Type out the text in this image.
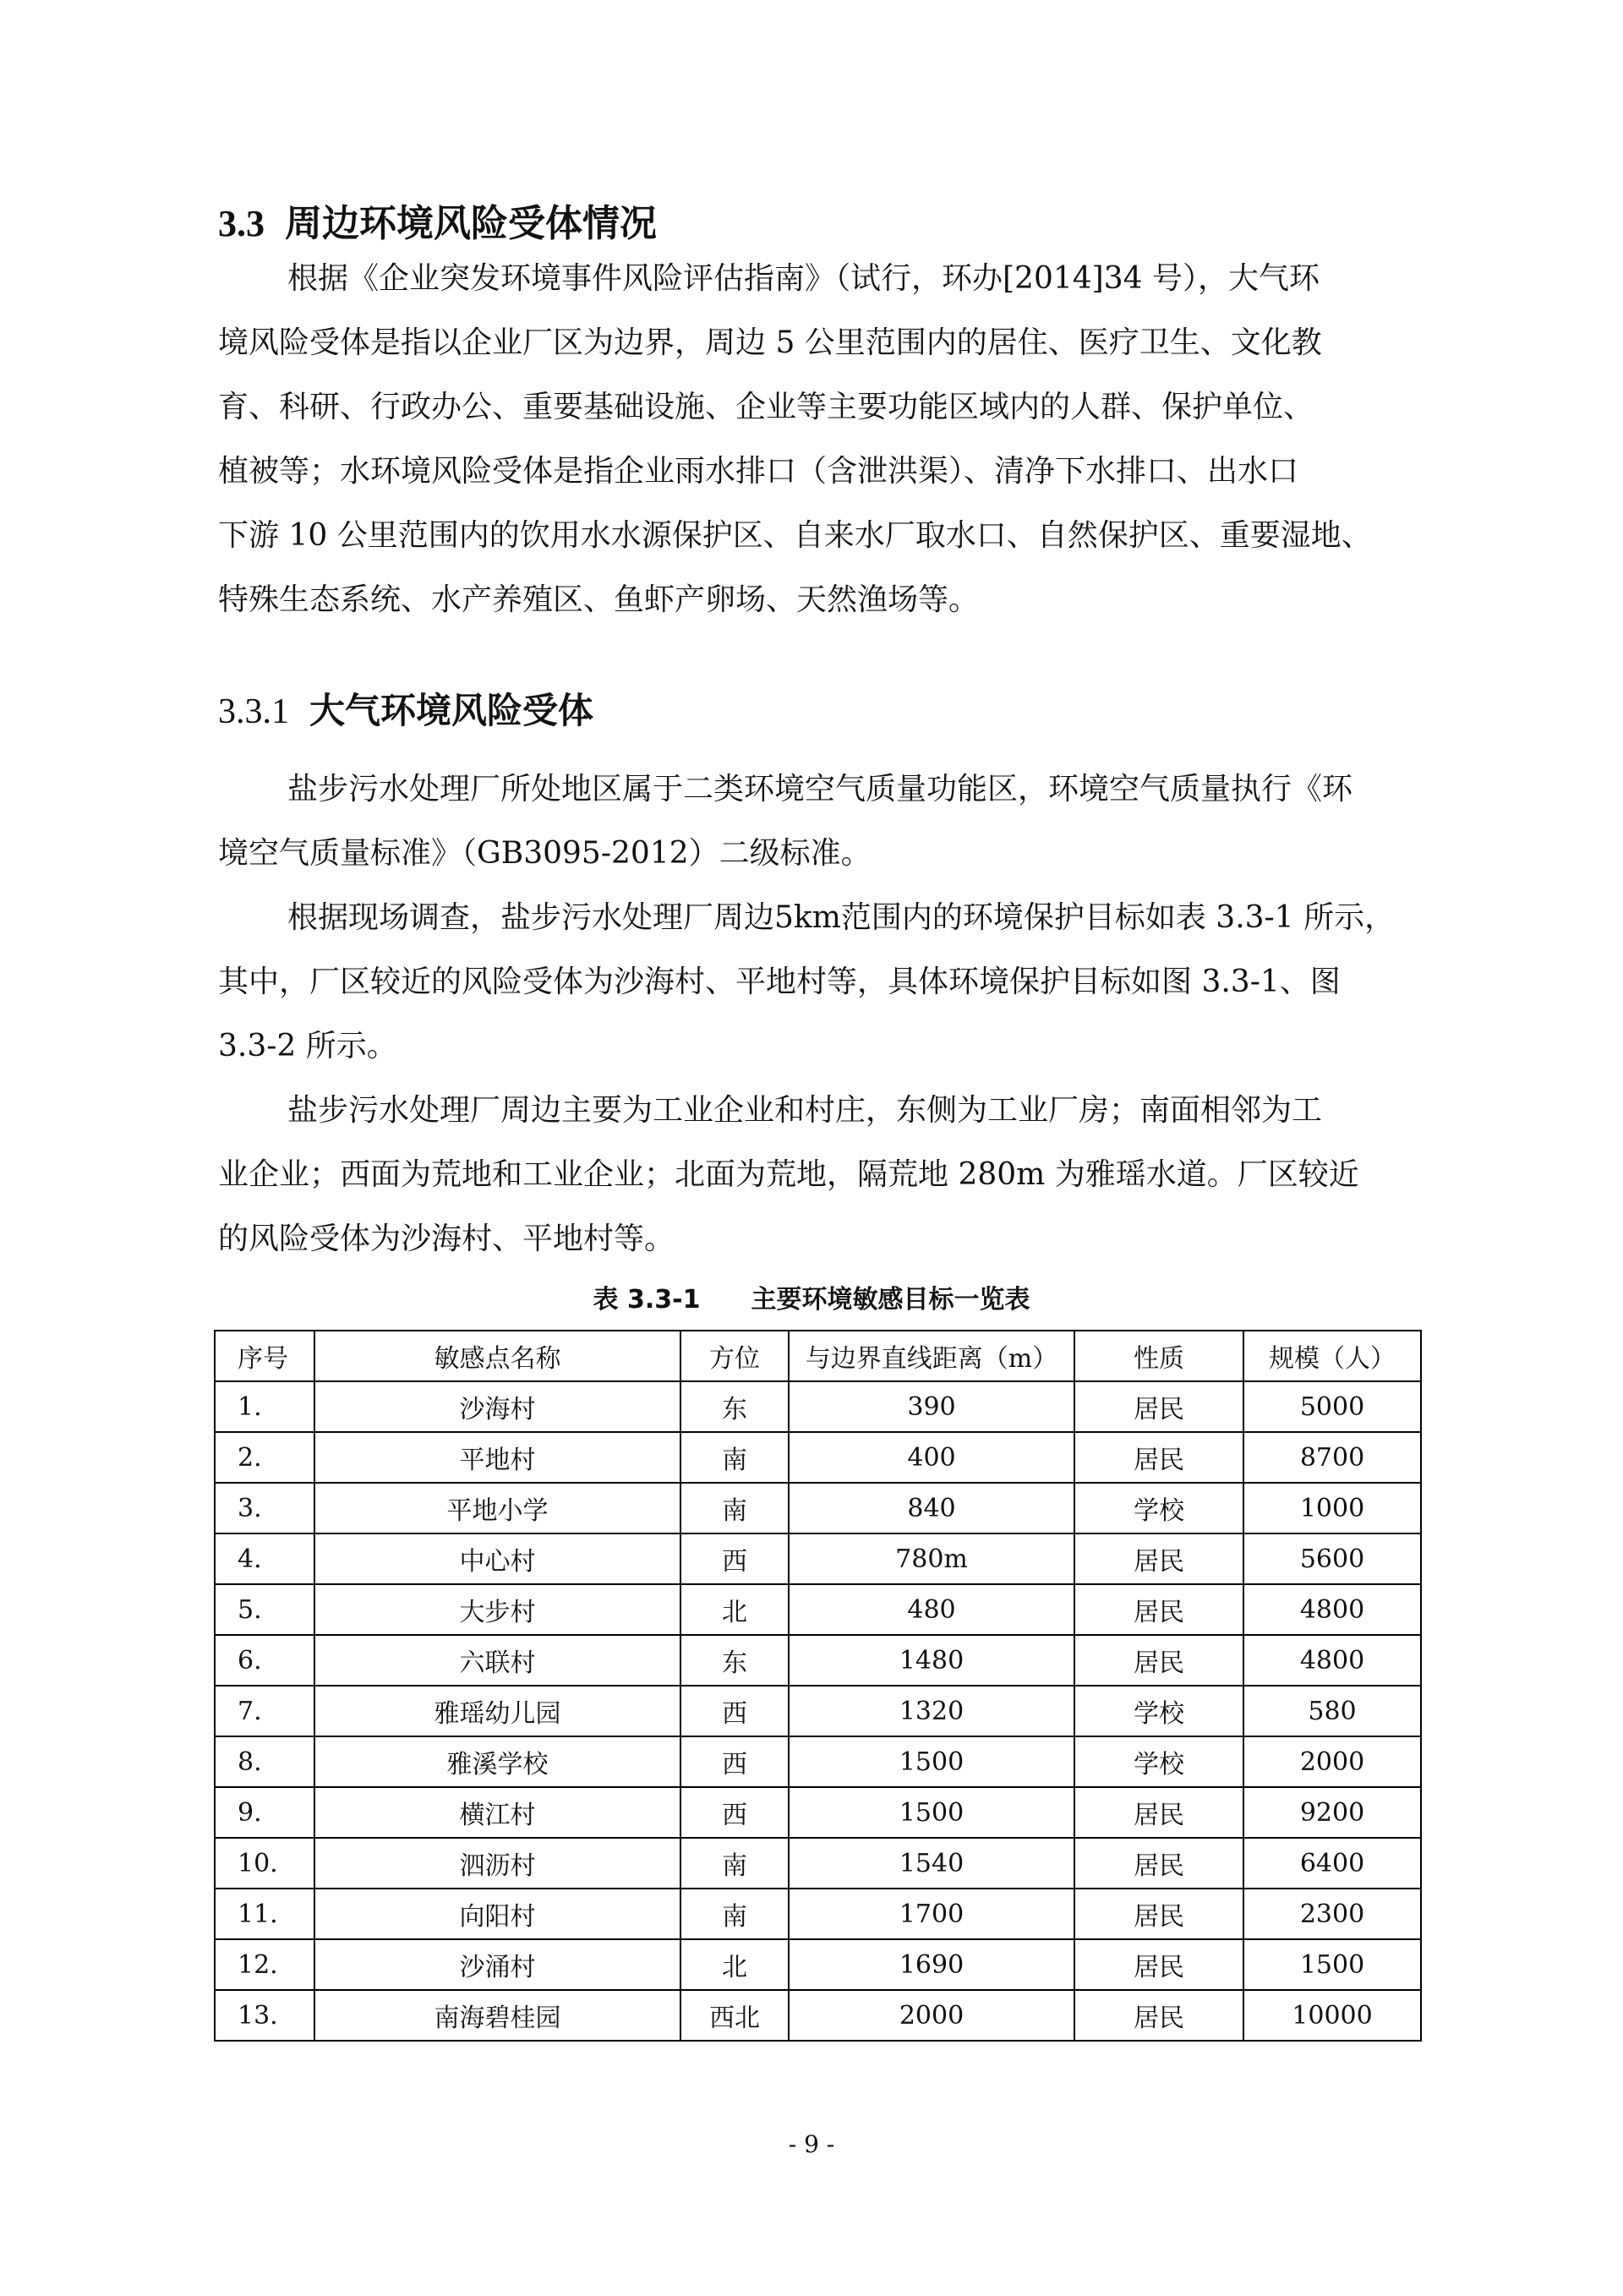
3.3 周边环境风险受体情况
根据《企业突发环境事件风险评估指南》（试行，环办[2014]34 号），大气环
境风险受体是指以企业厂区为边界，周边 5 公里范围内的居住、医疗卫生、文化教
育、科研、行政办公、重要基础设施、企业等主要功能区域内的人群、保护单位、
植被等；水环境风险受体是指企业雨水排口（含泄洪渠）、清净下水排口、出水口
下游 10 公里范围内的饮用水水源保护区、自来水厂取水口、自然保护区、重要湿地、
特殊生态系统、水产养殖区、鱼虾产卵场、天然渔场等。
3.3.1 大气环境风险受体
盐步污水处理厂所处地区属于二类环境空气质量功能区，环境空气质量执行《环
境空气质量标准》（GB3095-2012）二级标准。
根据现场调查，盐步污水处理厂周边5km范围内的环境保护目标如表 3.3-1 所示，
其中，厂区较近的风险受体为沙海村、平地村等，具体环境保护目标如图 3.3-1、图
3.3-2 所示。
盐步污水处理厂周边主要为工业企业和村庄，东侧为工业厂房；南面相邻为工
业企业；西面为荒地和工业企业；北面为荒地，隔荒地 280m 为雅瑶水道。厂区较近
的风险受体为沙海村、平地村等。
表 3.3-1 主要环境敏感目标一览表
序号	敏感点名称	方位	与边界直线距离（m）	性质	规模（人）
1.	沙海村	东	390	居民	5000
2.	平地村	南	400	居民	8700
3.	平地小学	南	840	学校	1000
4.	中心村	西	780m	居民	5600
5.	大步村	北	480	居民	4800
6.	六联村	东	1480	居民	4800
7.	雅瑶幼儿园	西	1320	学校	580
8.	雅溪学校	西	1500	学校	2000
9.	横江村	西	1500	居民	9200
10.	泗沥村	南	1540	居民	6400
11.	向阳村	南	1700	居民	2300
12.	沙涌村	北	1690	居民	1500
13.	南海碧桂园	西北	2000	居民	10000
- 9 -
